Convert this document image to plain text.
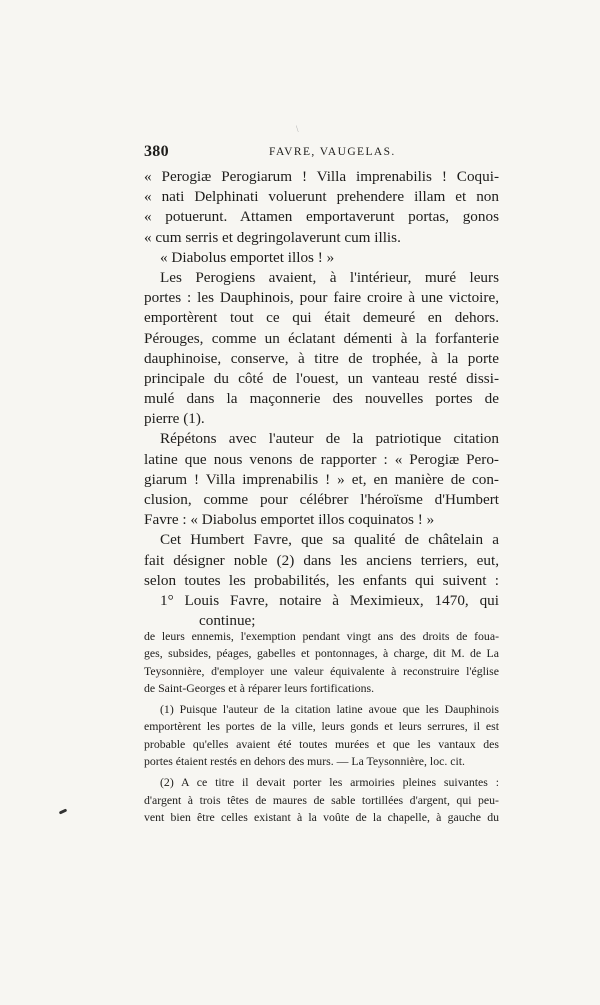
\
380	FAVRE, VAUGELAS.
« Perogiæ Perogiarum ! Villa imprenabilis ! Coqui-
« nati Delphinati voluerunt prehendere illam et non
« potuerunt. Attamen emportaverunt portas, gonos
« cum serris et degringolaverunt cum illis.
« Diabolus emportet illos ! »
Les Perogiens avaient, à l'intérieur, muré leurs
portes : les Dauphinois, pour faire croire à une victoire,
emportèrent tout ce qui était demeuré en dehors.
Pérouges, comme un éclatant démenti à la forfanterie
dauphinoise, conserve, à titre de trophée, à la porte
principale du côté de l'ouest, un vanteau resté dissi-
mulé dans la maçonnerie des nouvelles portes de
pierre (1).
Répétons avec l'auteur de la patriotique citation
latine que nous venons de rapporter : « Perogiæ Pero-
giarum ! Villa imprenabilis ! » et, en manière de con-
clusion, comme pour célébrer l'héroïsme d'Humbert
Favre : « Diabolus emportet illos coquinatos ! »
Cet Humbert Favre, que sa qualité de châtelain a
fait désigner noble (2) dans les anciens terriers, eut,
selon toutes les probabilités, les enfants qui suivent :
1° Louis Favre, notaire à Meximieux, 1470, qui
continue;
de leurs ennemis, l'exemption pendant vingt ans des droits de foua-
ges, subsides, péages, gabelles et pontonnages, à charge, dit M. de La
Teysonnière, d'employer une valeur équivalente à reconstruire l'église
de Saint-Georges et à réparer leurs fortifications.
(1) Puisque l'auteur de la citation latine avoue que les Dauphinois
emportèrent les portes de la ville, leurs gonds et leurs serrures, il est
probable qu'elles avaient été toutes murées et que les vantaux des
portes étaient restés en dehors des murs. — La Teysonnière, loc. cit.
(2) A ce titre il devait porter les armoiries pleines suivantes :
d'argent à trois têtes de maures de sable tortillées d'argent, qui peu-
vent bien être celles existant à la voûte de la chapelle, à gauche du
